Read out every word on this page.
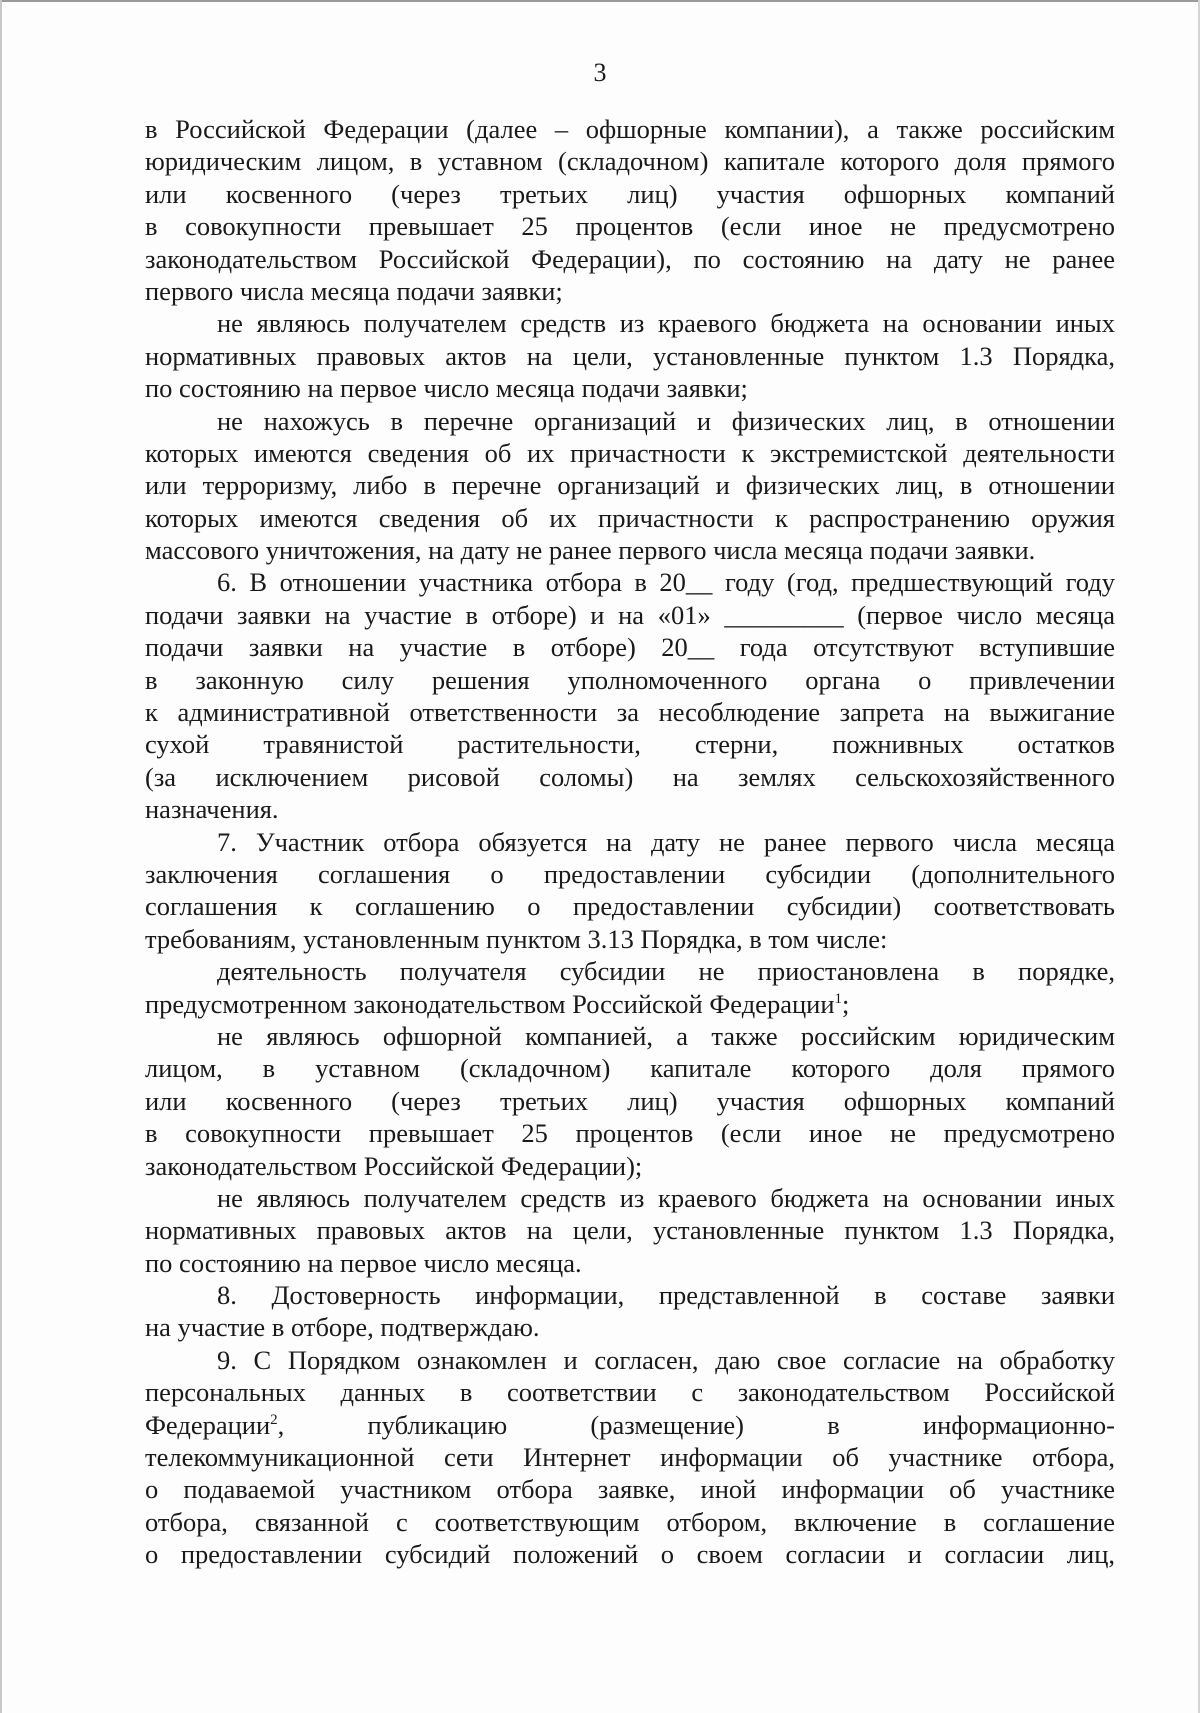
3
в Российской Федерации (далее – офшорные компании), а также российским
юридическим лицом, в уставном (складочном) капитале которого доля прямого
или косвенного (через третьих лиц) участия офшорных компаний
в совокупности превышает 25 процентов (если иное не предусмотрено
законодательством Российской Федерации), по состоянию на дату не ранее
первого числа месяца подачи заявки;
не являюсь получателем средств из краевого бюджета на основании иных
нормативных правовых актов на цели, установленные пунктом 1.3 Порядка,
по состоянию на первое число месяца подачи заявки;
не нахожусь в перечне организаций и физических лиц, в отношении
которых имеются сведения об их причастности к экстремистской деятельности
или терроризму, либо в перечне организаций и физических лиц, в отношении
которых имеются сведения об их причастности к распространению оружия
массового уничтожения, на дату не ранее первого числа месяца подачи заявки.
6. В отношении участника отбора в 20__ году (год, предшествующий году
подачи заявки на участие в отборе) и на «01» _________ (первое число месяца
подачи заявки на участие в отборе) 20__ года отсутствуют вступившие
в законную силу решения уполномоченного органа о привлечении
к административной ответственности за несоблюдение запрета на выжигание
сухой травянистой растительности, стерни, пожнивных остатков
(за исключением рисовой соломы) на землях сельскохозяйственного
назначения.
7. Участник отбора обязуется на дату не ранее первого числа месяца
заключения соглашения о предоставлении субсидии (дополнительного
соглашения к соглашению о предоставлении субсидии) соответствовать
требованиям, установленным пунктом 3.13 Порядка, в том числе:
деятельность получателя субсидии не приостановлена в порядке,
предусмотренном законодательством Российской Федерации$^1$;
не являюсь офшорной компанией, а также российским юридическим
лицом, в уставном (складочном) капитале которого доля прямого
или косвенного (через третьих лиц) участия офшорных компаний
в совокупности превышает 25 процентов (если иное не предусмотрено
законодательством Российской Федерации);
не являюсь получателем средств из краевого бюджета на основании иных
нормативных правовых актов на цели, установленные пунктом 1.3 Порядка,
по состоянию на первое число месяца.
8. Достоверность информации, представленной в составе заявки
на участие в отборе, подтверждаю.
9. С Порядком ознакомлен и согласен, даю свое согласие на обработку
персональных данных в соответствии с законодательством Российской
Федерации$^2$, публикацию (размещение) в информационно-
телекоммуникационной сети Интернет информации об участнике отбора,
о подаваемой участником отбора заявке, иной информации об участнике
отбора, связанной с соответствующим отбором, включение в соглашение
о предоставлении субсидий положений о своем согласии и согласии лиц,
